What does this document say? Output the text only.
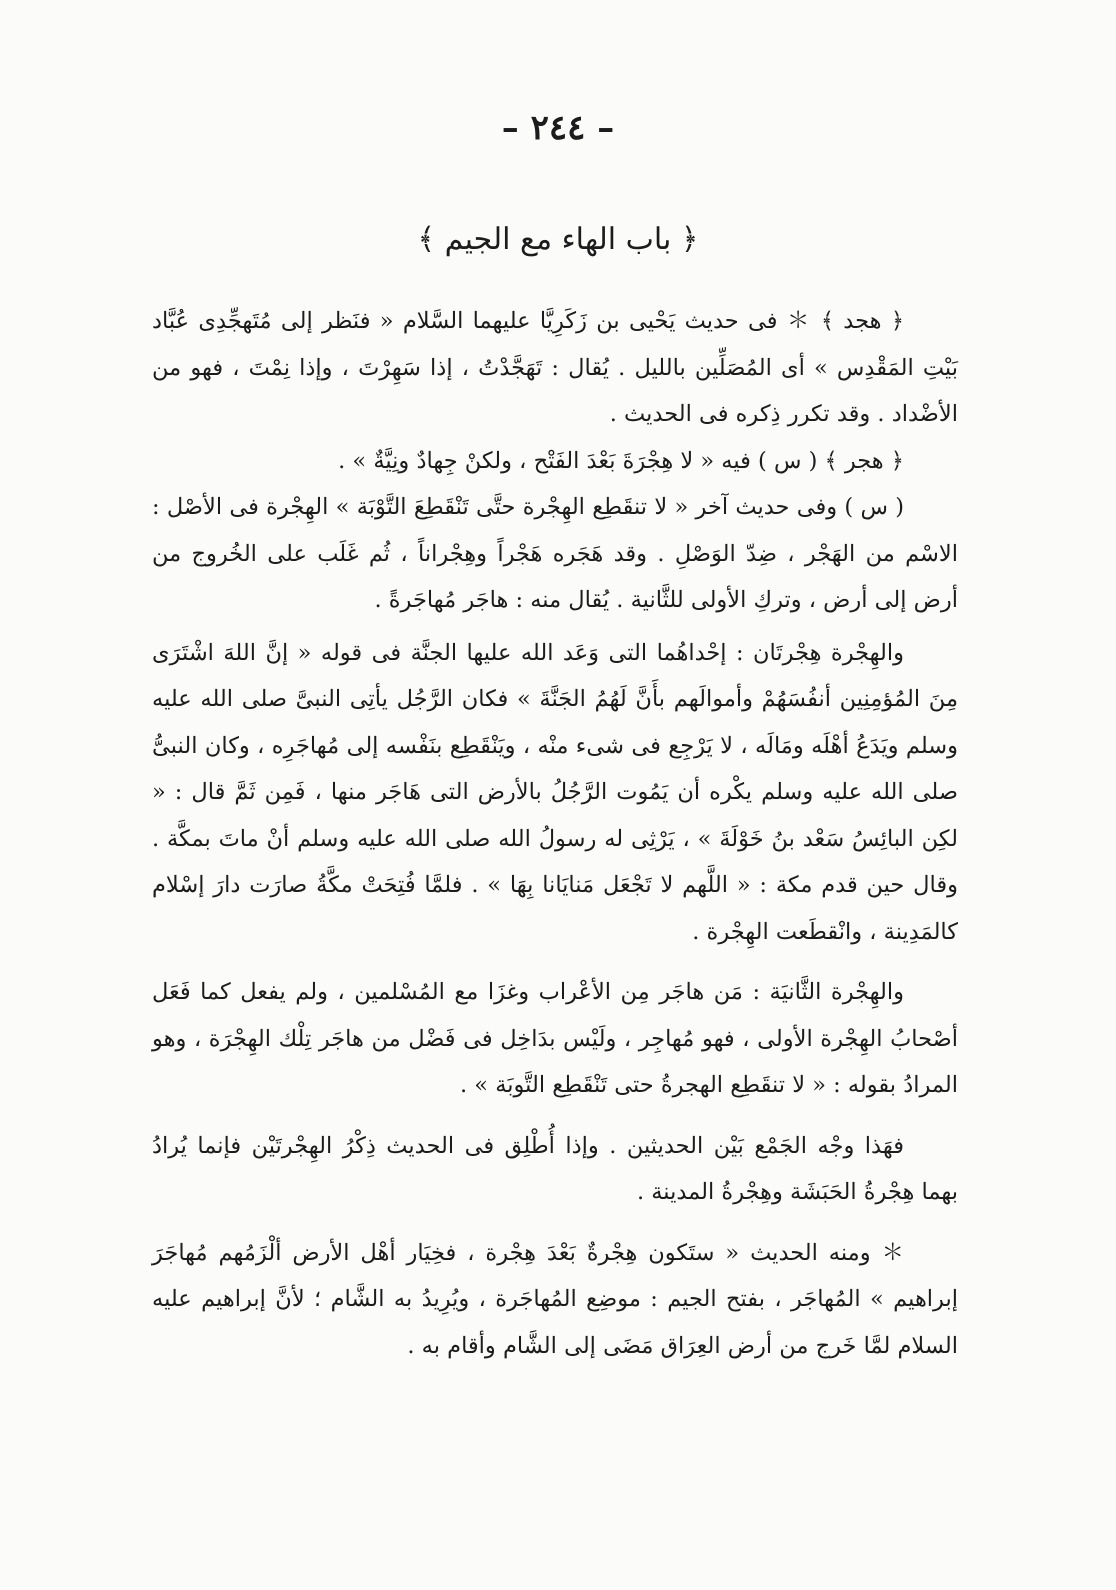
– ٢٤٤ –
﴿ باب الهاء مع الجيم ﴾

﴿ هجد ﴾ ＊ فى حديث يَحْيى بن زَكَرِيَّا عليهما السَّلام « فنَظر إلى مُتَهجِّدِى عُبَّاد بَيْتِ المَقْدِس » أى المُصَلِّين بالليل . يُقال : تَهَجَّدْتُ ، إذا سَهِرْتَ ، وإذا نِمْتَ ، فهو من الأضْداد . وقد تكرر ذِكره فى الحديث .

﴿ هجر ﴾ ( س ) فيه « لا هِجْرَةَ بَعْدَ الفَتْح ، ولكنْ جِهادٌ ونِيَّةٌ » .

( س ) وفى حديث آخر « لا تنقَطِع الهِجْرة حتَّى تَنْقَطِعَ التَّوْبَة » الهِجْرة فى الأصْل : الاسْم من الهَجْر ، ضِدّ الوَصْلِ . وقد هَجَره هَجْراً وهِجْراناً ، ثُم غَلَب على الخُروج من أرض إلى أرض ، وتركِ الأولى للثَّانية . يُقال منه : هاجَر مُهاجَرةً .

والهِجْرة هِجْرتَان : إحْداهُما التى وَعَد الله عليها الجنَّة فى قوله « إنَّ اللهَ اشْتَرَى مِنَ المُؤمِنِين أنفُسَهُمْ وأموالَهم بأَنَّ لَهُمُ الجَنَّةَ » فكان الرَّجُل يأتِى النبىَّ صلى الله عليه وسلم ويَدَعُ أهْلَه ومَالَه ، لا يَرْجِع فى شىء منْه ، ويَنْقَطِع بنَفْسه إلى مُهاجَرِه ، وكان النبىُّ صلى الله عليه وسلم يكْره أن يَمُوت الرَّجُلُ بالأرض التى هَاجَر منها ، فَمِن ثَمَّ قال : « لكِن البائِسُ سَعْد بنُ خَوْلَةَ » ، يَرْثِى له رسولُ الله صلى الله عليه وسلم أنْ ماتَ بمكَّة . وقال حين قدم مكة : « اللَّهم لا تَجْعَل مَنايَانا بِهَا » . فلمَّا فُتِحَتْ مكَّةُ صارَت دارَ إسْلام كالمَدِينة ، وانْقطَعت الهِجْرة .

والهِجْرة الثَّانيَة : مَن هاجَر مِن الأعْراب وغزَا مع المُسْلمين ، ولم يفعل كما فَعَل أصْحابُ الهِجْرة الأولى ، فهو مُهاجِر ، ولَيْس بدَاخِل فى فَضْل من هاجَر تِلْك الهِجْرَة ، وهو المرادُ بقوله : « لا تنقَطِع الهجرةُ حتى تَنْقَطِع التَّوبَة » .

فهَذا وجْه الجَمْع بَيْن الحديثين . وإذا أُطْلِق فى الحديث ذِكْرُ الهِجْرتَيْن فإنما يُرادُ بهما هِجْرةُ الحَبَشَة وهِجْرةُ المدينة .

＊ ومنه الحديث « ستَكون هِجْرةٌ بَعْدَ هِجْرة ، فخِيَار أهْل الأرض ألْزَمُهم مُهاجَرَ إبراهيم » المُهاجَر ، بفتح الجيم : موضِع المُهاجَرة ، ويُرِيدُ به الشَّام ؛ لأنَّ إبراهيم عليه السلام لمَّا خَرج من أرض العِرَاق مَضَى إلى الشَّام وأقام به .
